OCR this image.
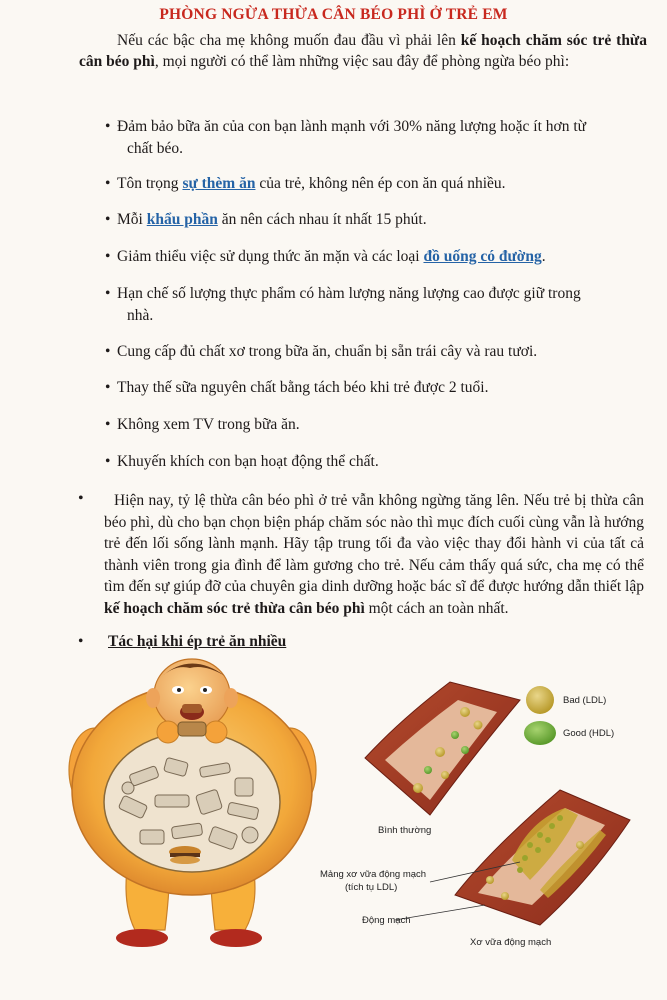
PHÒNG NGỪA THỪA CÂN BÉO PHÌ Ở TRẺ EM
Nếu các bậc cha mẹ không muốn đau đầu vì phải lên kế hoạch chăm sóc trẻ thừa cân béo phì, mọi người có thể làm những việc sau đây để phòng ngừa béo phì:
• Đảm bảo bữa ăn của con bạn lành mạnh với 30% năng lượng hoặc ít hơn từ
chất béo.
• Tôn trọng sự thèm ăn của trẻ, không nên ép con ăn quá nhiều.
• Mỗi khẩu phần ăn nên cách nhau ít nhất 15 phút.
• Giảm thiểu việc sử dụng thức ăn mặn và các loại đồ uống có đường.
• Hạn chế số lượng thực phẩm có hàm lượng năng lượng cao được giữ trong
nhà.
• Cung cấp đủ chất xơ trong bữa ăn, chuẩn bị sẵn trái cây và rau tươi.
• Thay thế sữa nguyên chất bằng tách béo khi trẻ được 2 tuổi.
• Không xem TV trong bữa ăn.
• Khuyến khích con bạn hoạt động thể chất.
•	Hiện nay, tỷ lệ thừa cân béo phì ở trẻ vẫn không ngừng tăng lên. Nếu trẻ bị thừa cân béo phì, dù cho bạn chọn biện pháp chăm sóc nào thì mục đích cuối cùng vẫn là hướng trẻ đến lối sống lành mạnh. Hãy tập trung tối đa vào việc thay đổi hành vi của tất cả thành viên trong gia đình để làm gương cho trẻ. Nếu cảm thấy quá sức, cha mẹ có thể tìm đến sự giúp đỡ của chuyên gia dinh dưỡng hoặc bác sĩ để được hướng dẫn thiết lập kế hoạch chăm sóc trẻ thừa cân béo phì một cách an toàn nhất.
• Tác hại khi ép trẻ ăn nhiều
Bad (LDL)
Good (HDL)
Bình thường
Mảng xơ vữa động mạch
(tích tụ LDL)
Động mạch
Xơ vữa động mạch
